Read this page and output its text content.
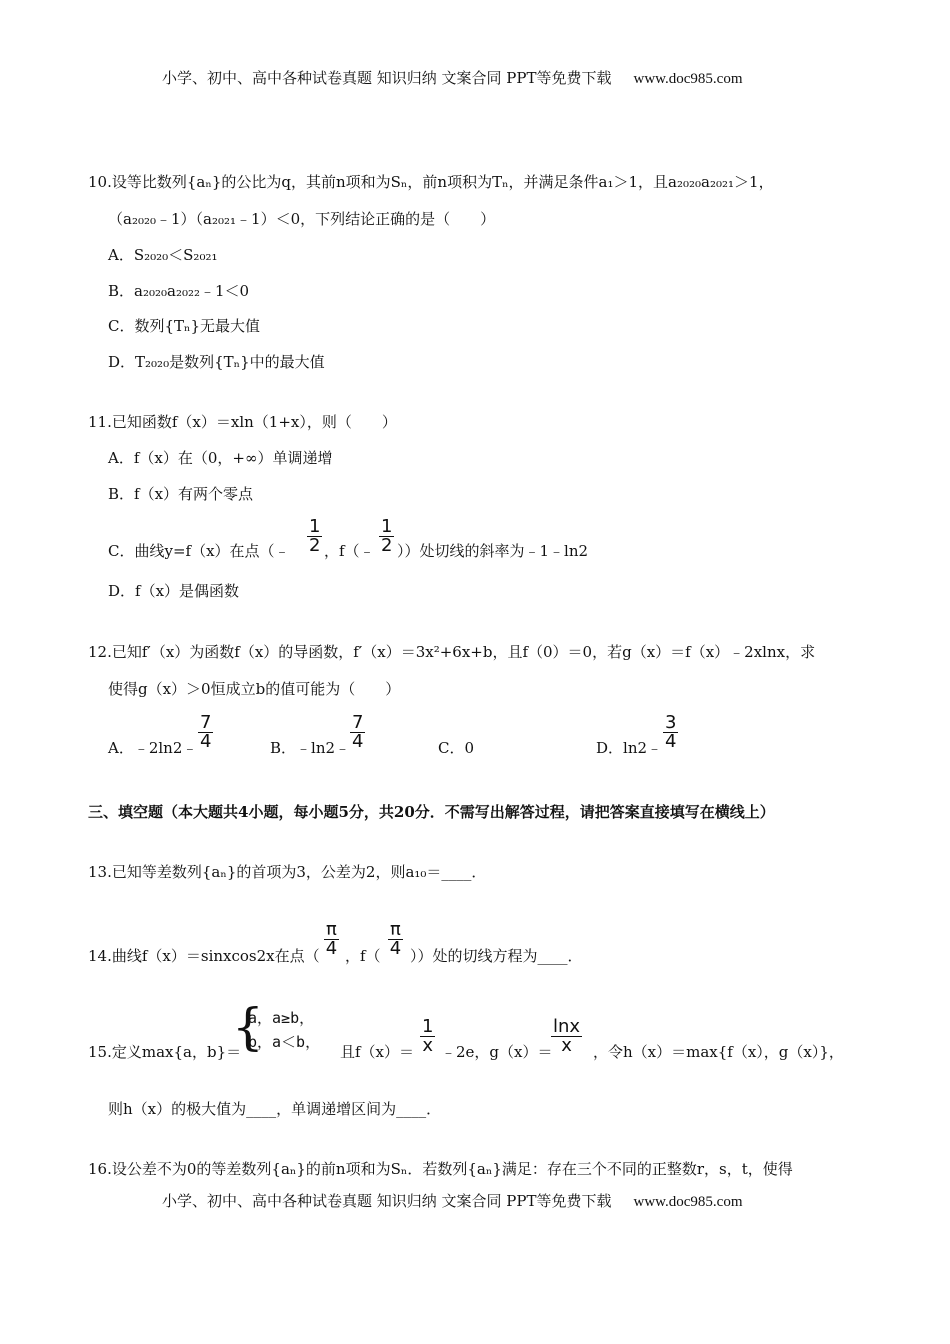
小学、初中、高中各种试卷真题 知识归纳 文案合同 PPT等免费下载 www.doc985.com
10.设等比数列{aₙ}的公比为q，其前n项和为Sₙ，前n项积为Tₙ，并满足条件a₁＞1，且a₂₀₂₀a₂₀₂₁＞1，
（a₂₀₂₀﹣1）（a₂₀₂₁﹣1）＜0，下列结论正确的是（　　）
A．S₂₀₂₀＜S₂₀₂₁
B．a₂₀₂₀a₂₀₂₂﹣1＜0
C．数列{Tₙ}无最大值
D．T₂₀₂₀是数列{Tₙ}中的最大值
11.已知函数f（x）＝xln（1+x），则（　　）
A．f（x）在（0，+∞）单调递增
B．f（x）有两个零点
C．曲线y=f（x）在点（﹣ $\frac{1}{2}$ ，f（﹣ $\frac{1}{2}$ ））处切线的斜率为﹣1﹣ln2
D．f（x）是偶函数
12.已知f′（x）为函数f（x）的导函数，f′（x）＝3x²+6x+b，且f（0）＝0，若g（x）＝f（x）﹣2xlnx，求
使得g（x）＞0恒成立b的值可能为（　　）
A．﹣2ln2﹣ $\frac{7}{4}$	B．﹣ln2﹣ $\frac{7}{4}$	C．0	D．ln2﹣ $\frac{3}{4}$
三、填空题（本大题共4小题，每小题5分，共20分．不需写出解答过程，请把答案直接填写在横线上）
13.已知等差数列{aₙ}的首项为3，公差为2，则a₁₀＝____．
14.曲线f（x）＝sinxcos2x在点（ $\frac{\pi}{4}$ ，$f( \frac{\pi}{4}$ ））处的切线方程为____．
15.定义max{a，b}＝
{
a，a≥b，
b，a＜b，
且$f(x)= \frac{1}{x}$ ﹣2e，g（x）＝
$\frac{\ln x}{x}$ ，令h（x）＝max{f（x），g（x）}，
则h（x）的极大值为____，单调递增区间为____．
16.设公差不为0的等差数列{aₙ}的前n项和为Sₙ．若数列{aₙ}满足：存在三个不同的正整数r，s，t，使得
小学、初中、高中各种试卷真题 知识归纳 文案合同 PPT等免费下载 www.doc985.com
